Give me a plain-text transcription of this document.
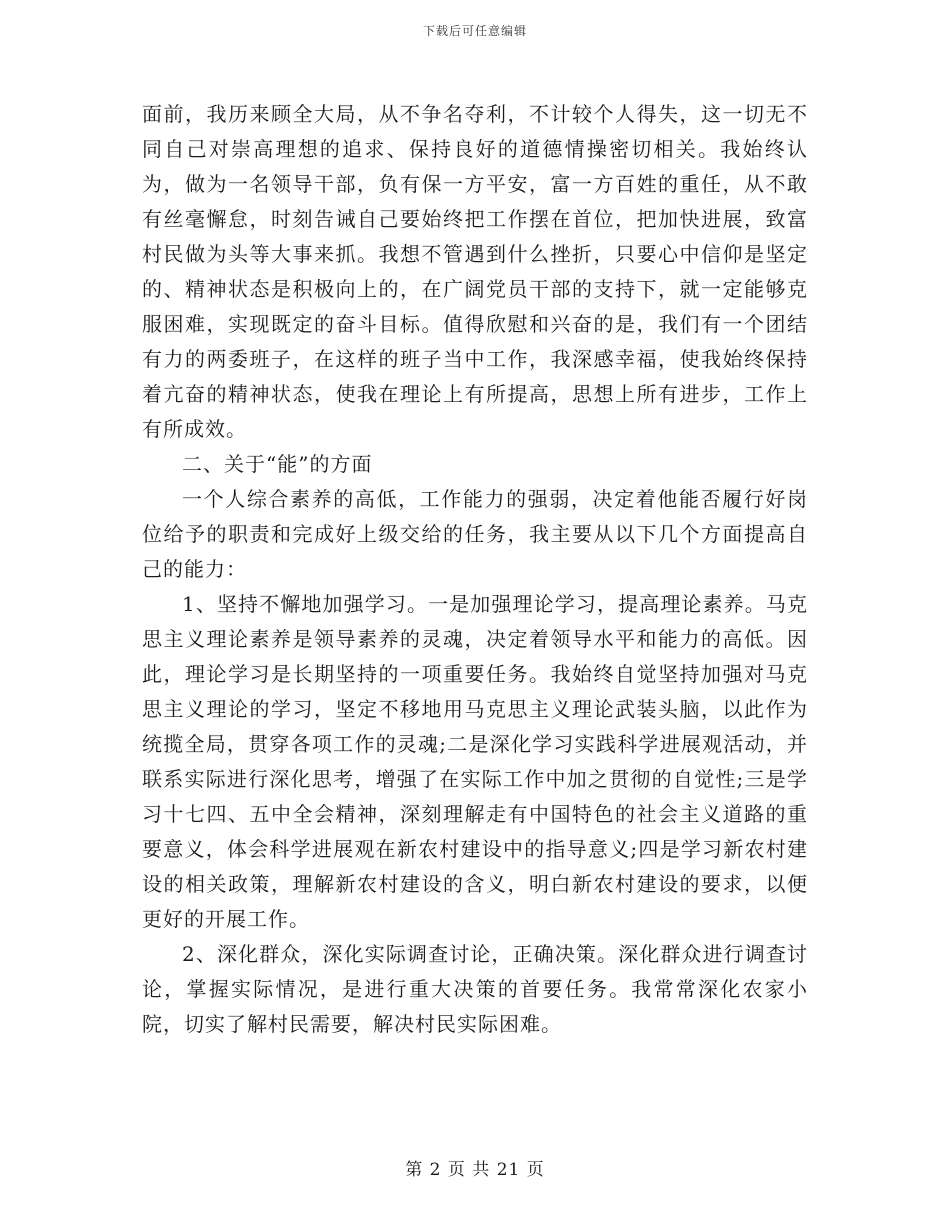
下载后可任意编辑

面前，我历来顾全大局，从不争名夺利，不计较个人得失，这一切无不同自己对崇高理想的追求、保持良好的道德情操密切相关。我始终认为，做为一名领导干部，负有保一方平安，富一方百姓的重任，从不敢有丝毫懈怠，时刻告诫自己要始终把工作摆在首位，把加快进展，致富村民做为头等大事来抓。我想不管遇到什么挫折，只要心中信仰是坚定的、精神状态是积极向上的，在广阔党员干部的支持下，就一定能够克服困难，实现既定的奋斗目标。值得欣慰和兴奋的是，我们有一个团结有力的两委班子，在这样的班子当中工作，我深感幸福，使我始终保持着亢奋的精神状态，使我在理论上有所提高，思想上所有进步，工作上有所成效。

二、关于“能”的方面

一个人综合素养的高低，工作能力的强弱，决定着他能否履行好岗位给予的职责和完成好上级交给的任务，我主要从以下几个方面提高自己的能力：

1、坚持不懈地加强学习。一是加强理论学习，提高理论素养。马克思主义理论素养是领导素养的灵魂，决定着领导水平和能力的高低。因此，理论学习是长期坚持的一项重要任务。我始终自觉坚持加强对马克思主义理论的学习，坚定不移地用马克思主义理论武装头脑，以此作为统揽全局，贯穿各项工作的灵魂;二是深化学习实践科学进展观活动，并联系实际进行深化思考，增强了在实际工作中加之贯彻的自觉性;三是学习十七四、五中全会精神，深刻理解走有中国特色的社会主义道路的重要意义，体会科学进展观在新农村建设中的指导意义;四是学习新农村建设的相关政策，理解新农村建设的含义，明白新农村建设的要求，以便更好的开展工作。

2、深化群众，深化实际调查讨论，正确决策。深化群众进行调查讨论，掌握实际情况，是进行重大决策的首要任务。我常常深化农家小院，切实了解村民需要，解决村民实际困难。

第 2 页 共 21 页
